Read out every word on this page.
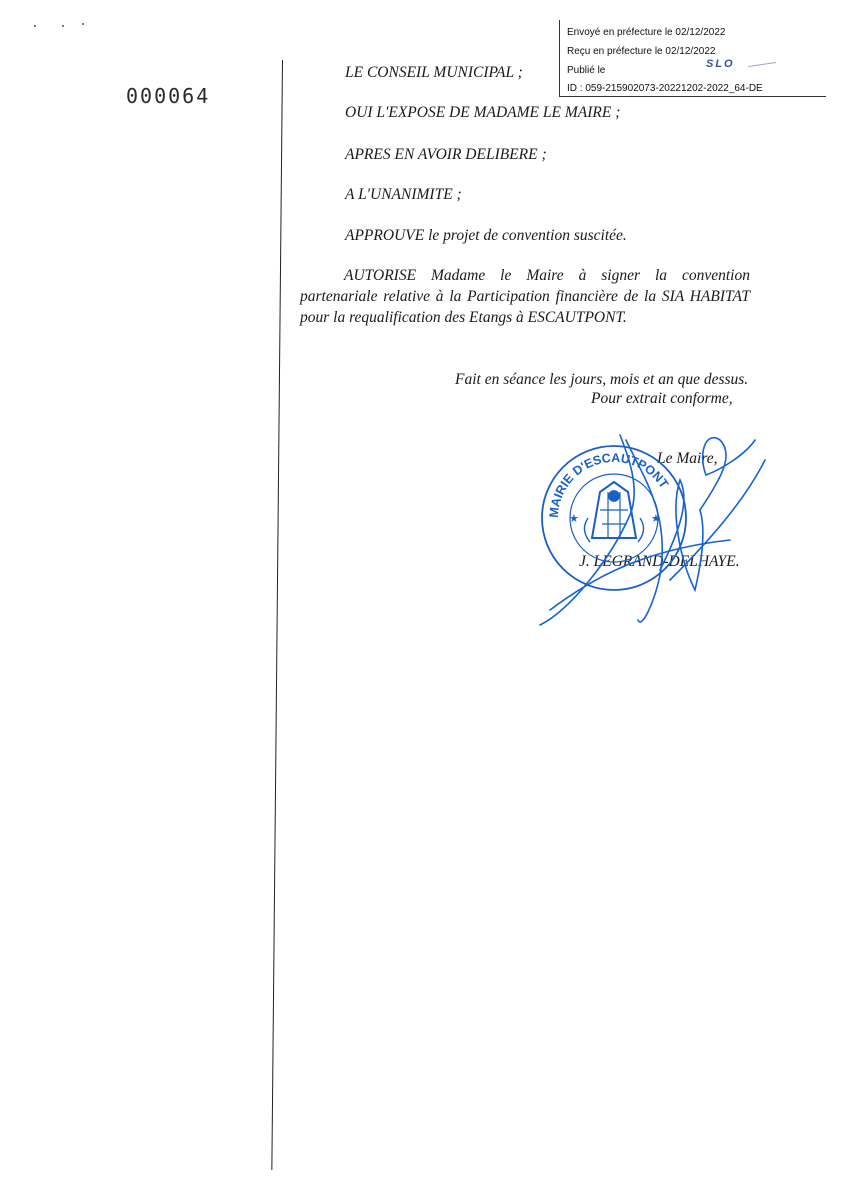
Envoyé en préfecture le 02/12/2022
Reçu en préfecture le 02/12/2022
Publié le
SLO
ID : 059-215902073-20221202-2022_64-DE
000064
LE CONSEIL MUNICIPAL ;
OUI L'EXPOSE DE MADAME LE MAIRE ;
APRES EN AVOIR DELIBERE ;
A L'UNANIMITE ;
APPROUVE le projet de convention suscitée.
AUTORISE Madame le Maire à signer la convention partenariale relative à la Participation financière de la SIA HABITAT pour la requalification des Etangs à ESCAUTPONT.
Fait en séance les jours, mois et an que dessus.
Pour extrait conforme,
Le Maire,
J. LEGRAND-DELHAYE.
MAIRIE D'ESCAUTPONT
★	★
